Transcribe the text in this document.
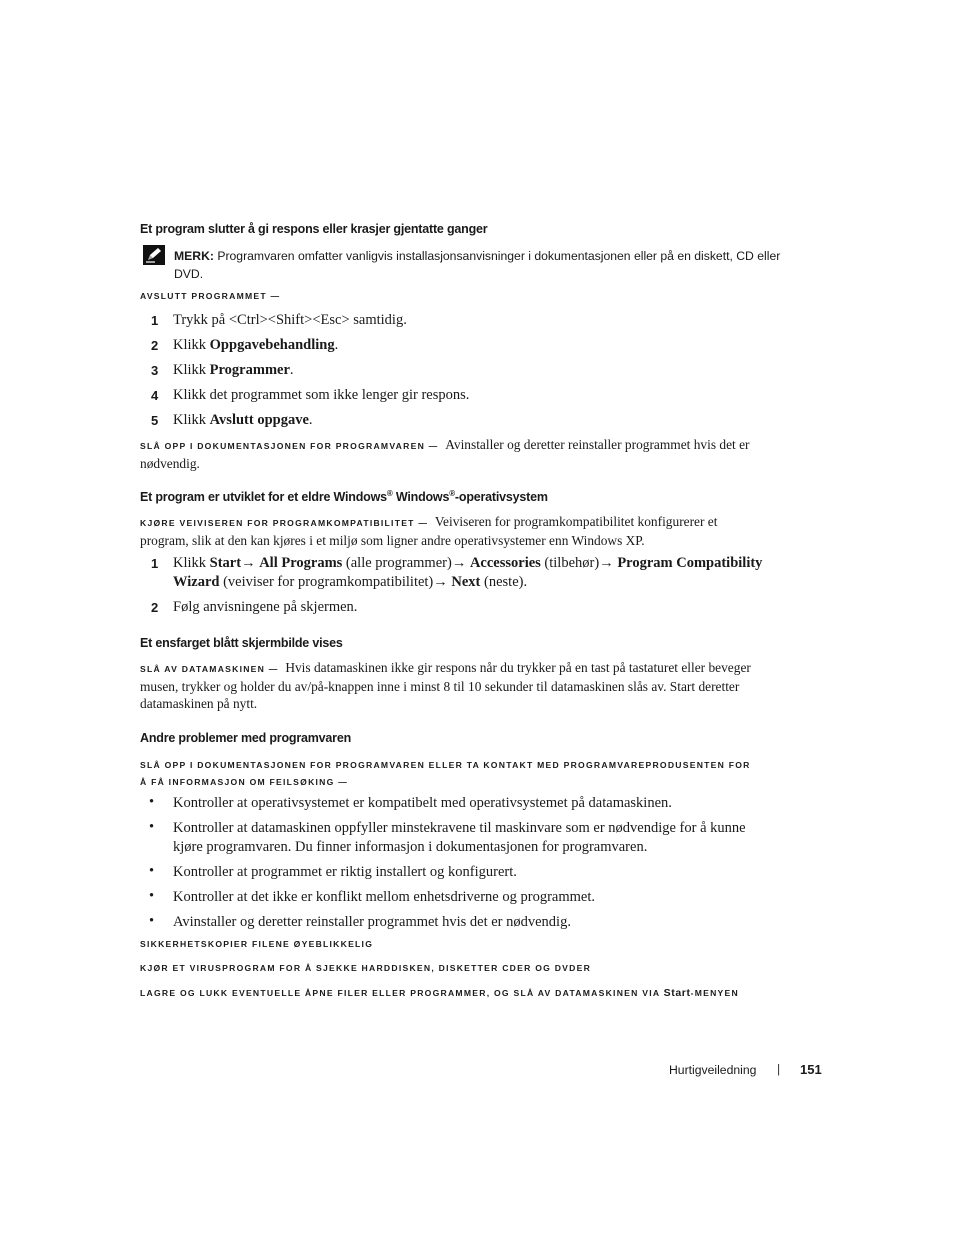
Et program slutter å gi respons eller krasjer gjentatte ganger
MERK: Programvaren omfatter vanligvis installasjonsanvisninger i dokumentasjonen eller på en diskett, CD eller
DVD.
AVSLUTT PROGRAMMET —
1 Trykk på <Ctrl><Shift><Esc> samtidig.
2 Klikk Oppgavebehandling.
3 Klikk Programmer.
4 Klikk det programmet som ikke lenger gir respons.
5 Klikk Avslutt oppgave.
SLÅ OPP I DOKUMENTASJONEN FOR PROGRAMVAREN — Avinstaller og deretter reinstaller programmet hvis det er
nødvendig.
Et program er utviklet for et eldre Windows® Windows®-operativsystem
KJØRE VEIVISEREN FOR PROGRAMKOMPATIBILITET — Veiviseren for programkompatibilitet konfigurerer et
program, slik at den kan kjøres i et miljø som ligner andre operativsystemer enn Windows XP.
1 Klikk Start→ All Programs (alle programmer)→ Accessories (tilbehør)→ Program Compatibility
Wizard (veiviser for programkompatibilitet)→ Next (neste).
2 Følg anvisningene på skjermen.
Et ensfarget blått skjermbilde vises
SLÅ AV DATAMASKINEN — Hvis datamaskinen ikke gir respons når du trykker på en tast på tastaturet eller beveger
musen, trykker og holder du av/på-knappen inne i minst 8 til 10 sekunder til datamaskinen slås av. Start deretter
datamaskinen på nytt.
Andre problemer med programvaren
SLÅ OPP I DOKUMENTASJONEN FOR PROGRAMVAREN ELLER TA KONTAKT MED PROGRAMVAREPRODUSENTEN FOR
Å FÅ INFORMASJON OM FEILSØKING —
• Kontroller at operativsystemet er kompatibelt med operativsystemet på datamaskinen.
• Kontroller at datamaskinen oppfyller minstekravene til maskinvare som er nødvendige for å kunne
kjøre programvaren. Du finner informasjon i dokumentasjonen for programvaren.
• Kontroller at programmet er riktig installert og konfigurert.
• Kontroller at det ikke er konflikt mellom enhetsdriverne og programmet.
• Avinstaller og deretter reinstaller programmet hvis det er nødvendig.
SIKKERHETSKOPIER FILENE ØYEBLIKKELIG
KJØR ET VIRUSPROGRAM FOR Å SJEKKE HARDDISKEN, DISKETTER CDER OG DVDER
LAGRE OG LUKK EVENTUELLE ÅPNE FILER ELLER PROGRAMMER, OG SLÅ AV DATAMASKINEN VIA Start-MENYEN
Hurtigveiledning | 151
